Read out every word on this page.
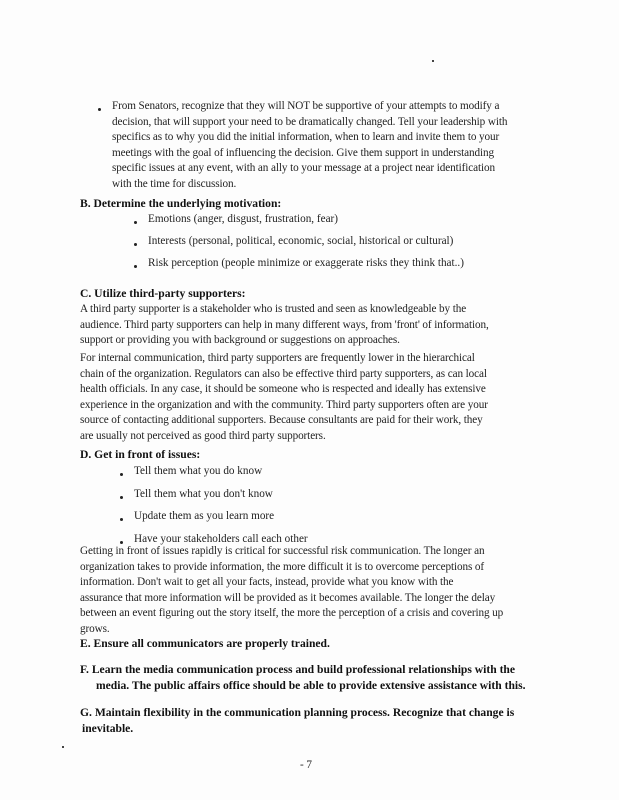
From Senators, recognize that they will NOT be supportive of your attempts to modify a
decision, that will support your need to be dramatically changed. Tell your leadership with
specifics as to why you did the initial information, when to learn and invite them to your
meetings with the goal of influencing the decision. Give them support in understanding
specific issues at any event, with an ally to your message at a project near identification
with the time for discussion.
B. Determine the underlying motivation:
Emotions (anger, disgust, frustration, fear)
Interests (personal, political, economic, social, historical or cultural)
Risk perception (people minimize or exaggerate risks they think that..)
C. Utilize third-party supporters:
A third party supporter is a stakeholder who is trusted and seen as knowledgeable by the
audience. Third party supporters can help in many different ways, from 'front' of information,
support or providing you with background or suggestions on approaches.
For internal communication, third party supporters are frequently lower in the hierarchical
chain of the organization. Regulators can also be effective third party supporters, as can local
health officials. In any case, it should be someone who is respected and ideally has extensive
experience in the organization and with the community. Third party supporters often are your
source of contacting additional supporters. Because consultants are paid for their work, they
are usually not perceived as good third party supporters.
D. Get in front of issues:
Tell them what you do know
Tell them what you don't know
Update them as you learn more
Have your stakeholders call each other
Getting in front of issues rapidly is critical for successful risk communication. The longer an
organization takes to provide information, the more difficult it is to overcome perceptions of
information. Don't wait to get all your facts, instead, provide what you know with the
assurance that more information will be provided as it becomes available. The longer the delay
between an event figuring out the story itself, the more the perception of a crisis and covering up
grows.
E. Ensure all communicators are properly trained.
F. Learn the media communication process and build professional relationships with the
media. The public affairs office should be able to provide extensive assistance with this.
G. Maintain flexibility in the communication planning process. Recognize that change is
inevitable.
- 7
